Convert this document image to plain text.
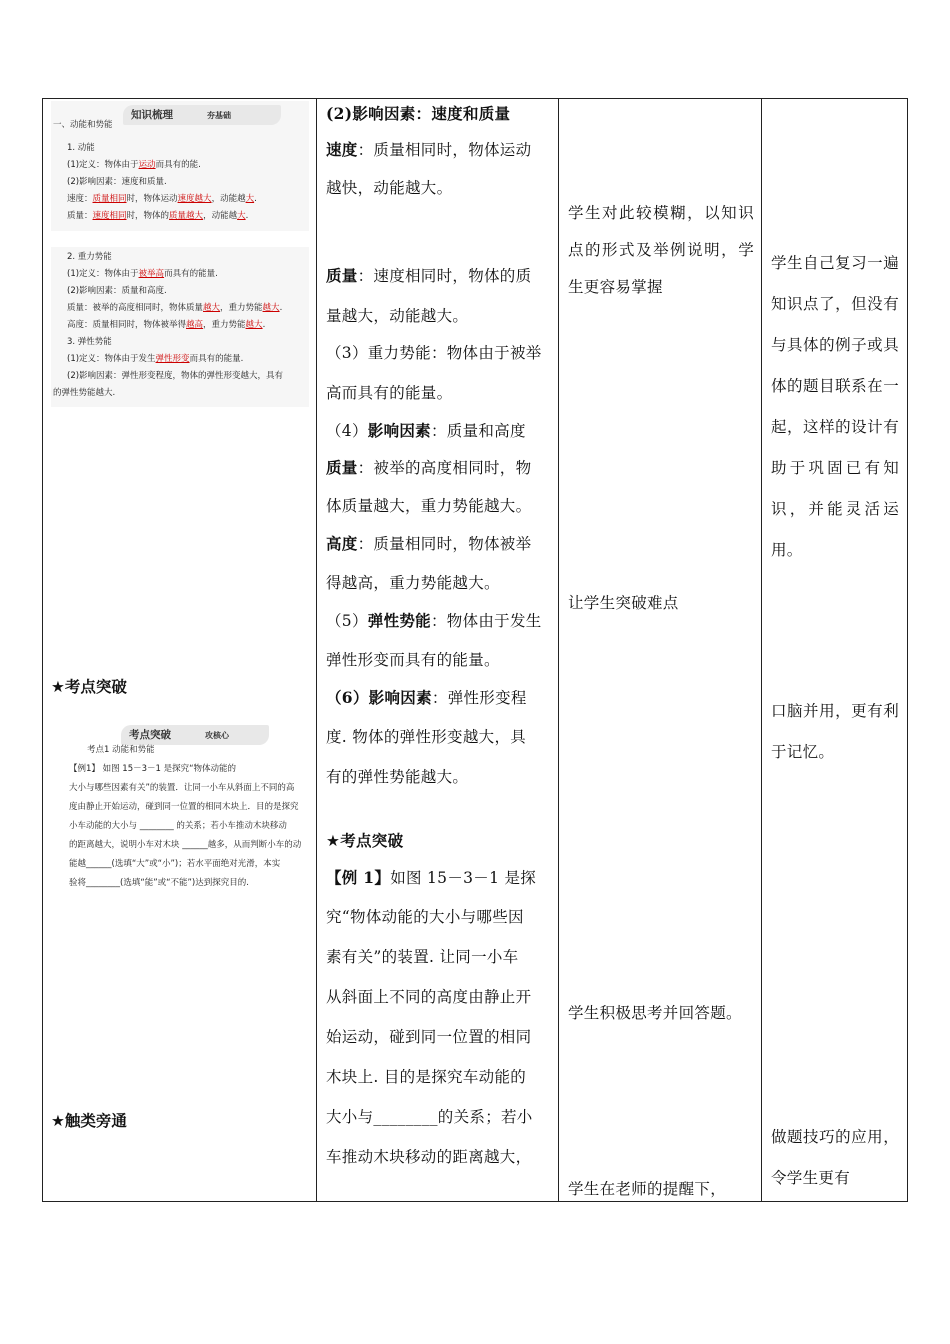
知识梳理	夯基础
一、动能和势能
1. 动能
(1)定义：物体由于运动而具有的能.
(2)影响因素：速度和质量.
速度：质量相同时，物体运动速度越大，动能越大.
质量：速度相同时，物体的质量越大，动能越大.
2. 重力势能
(1)定义：物体由于被举高而具有的能量.
(2)影响因素：质量和高度.
质量：被举的高度相同时，物体质量越大，重力势能越大.
高度：质量相同时，物体被举得越高，重力势能越大.
3. 弹性势能
(1)定义：物体由于发生弹性形变而具有的能量.
(2)影响因素：弹性形变程度，物体的弹性形变越大，具有
的弹性势能越大.
★考点突破
考点突破	攻核心
考点1 动能和势能
【例1】 如图 15－3－1 是探究“物体动能的
大小与哪些因素有关”的装置．让同一小车从斜面上不同的高
度由静止开始运动，碰到同一位置的相同木块上．目的是探究
小车动能的大小与 ________ 的关系；若小车推动木块移动
的距离越大，说明小车对木块 ______越多，从而判断小车的动
能越______(选填“大”或“小”)；若水平面绝对光滑，本实
验将________(选填“能”或“不能”)达到探究目的.
★触类旁通
(2)影响因素：速度和质量
速度：质量相同时，物体运动
越快，动能越大。
质量：速度相同时，物体的质
量越大，动能越大。
（3）重力势能：物体由于被举
高而具有的能量。
（4）影响因素：质量和高度
质量：被举的高度相同时，物
体质量越大，重力势能越大。
高度：质量相同时，物体被举
得越高，重力势能越大。
（5）弹性势能：物体由于发生
弹性形变而具有的能量。
（6）影响因素：弹性形变程
度. 物体的弹性形变越大，具
有的弹性势能越大。
★考点突破
【例 1】如图 15－3－1 是探
究“物体动能的大小与哪些因
素有关”的装置. 让同一小车
从斜面上不同的高度由静止开
始运动，碰到同一位置的相同
木块上. 目的是探究车动能的
大小与________的关系；若小
车推动木块移动的距离越大，
学生对此较模糊，以知识点的形式及举例说明，学生更容易掌握
让学生突破难点
学生积极思考并回答题。
学生在老师的提醒下，
学生自己复习一遍知识点了，但没有与具体的例子或具体的题目联系在一起，这样的设计有助于巩固已有知识，并能灵活运用。
口脑并用，更有利于记忆。
做题技巧的应用，令学生更有
